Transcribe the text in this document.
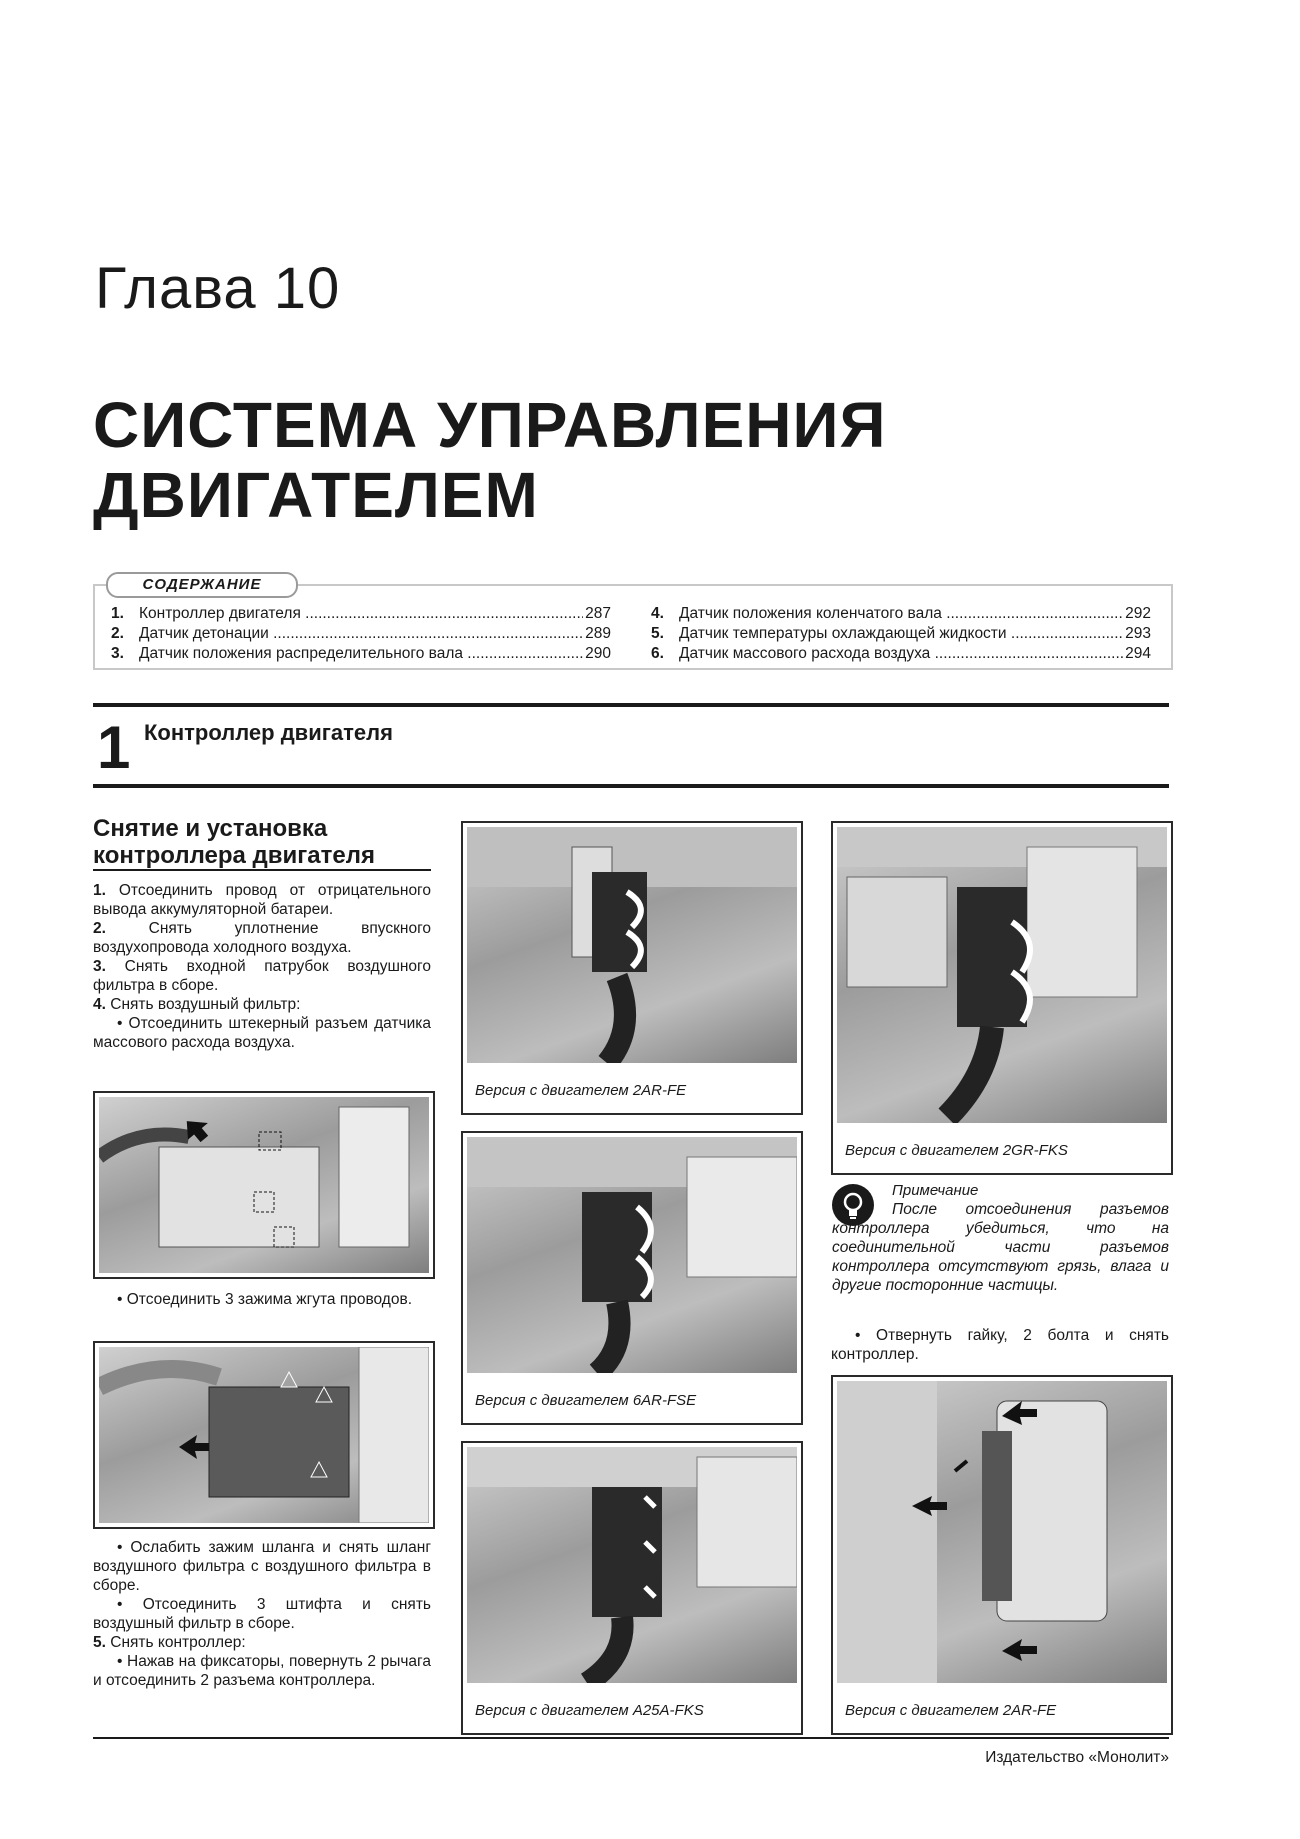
Глава 10
СИСТЕМА УПРАВЛЕНИЯ
ДВИГАТЕЛЕМ
1. Контроллер двигателя .....	287
2. Датчик детонации .....	289
3. Датчик положения распределительного вала .....	290
4. Датчик положения коленчатого вала .....	292
5. Датчик температуры охлаждающей жидкости .....	293
6. Датчик массового расхода воздуха .....	294
СОДЕРЖАНИЕ
1 Контроллер двигателя
Снятие и установка
контроллера двигателя

1. Отсоединить провод от отрицательного вывода аккумуляторной батареи.

2.	Снять уплотнение впускного воздухопровода холодного воздуха.

3. Снять входной патрубок воздушного фильтра в сборе.

4. Снять воздушный фильтр:

• Отсоединить штекерный разъем датчика массового расхода воздуха.

• Отсоединить 3 зажима жгута проводов.

• Ослабить зажим шланга и снять шланг воздушного фильтра с воздушного фильтра в сборе.

• Отсоединить 3 штифта и снять воздушный фильтр в сборе.

5. Снять контроллер:

• Нажав на фиксаторы, повернуть 2 рычага и отсоединить 2 разъема контроллера.

Версия с двигателем 2AR-FE
Версия с двигателем 6AR-FSE
Версия с двигателем A25A-FKS
Версия с двигателем 2GR-FKS
Примечание
После отсоединения разъемов контроллера убедиться, что на соединительной части разъемов контроллера отсутствуют грязь, влага и другие посторонние частицы.

• Отвернуть гайку, 2 болта и снять контроллер.

Версия с двигателем 2AR-FE
Издательство «Монолит»
